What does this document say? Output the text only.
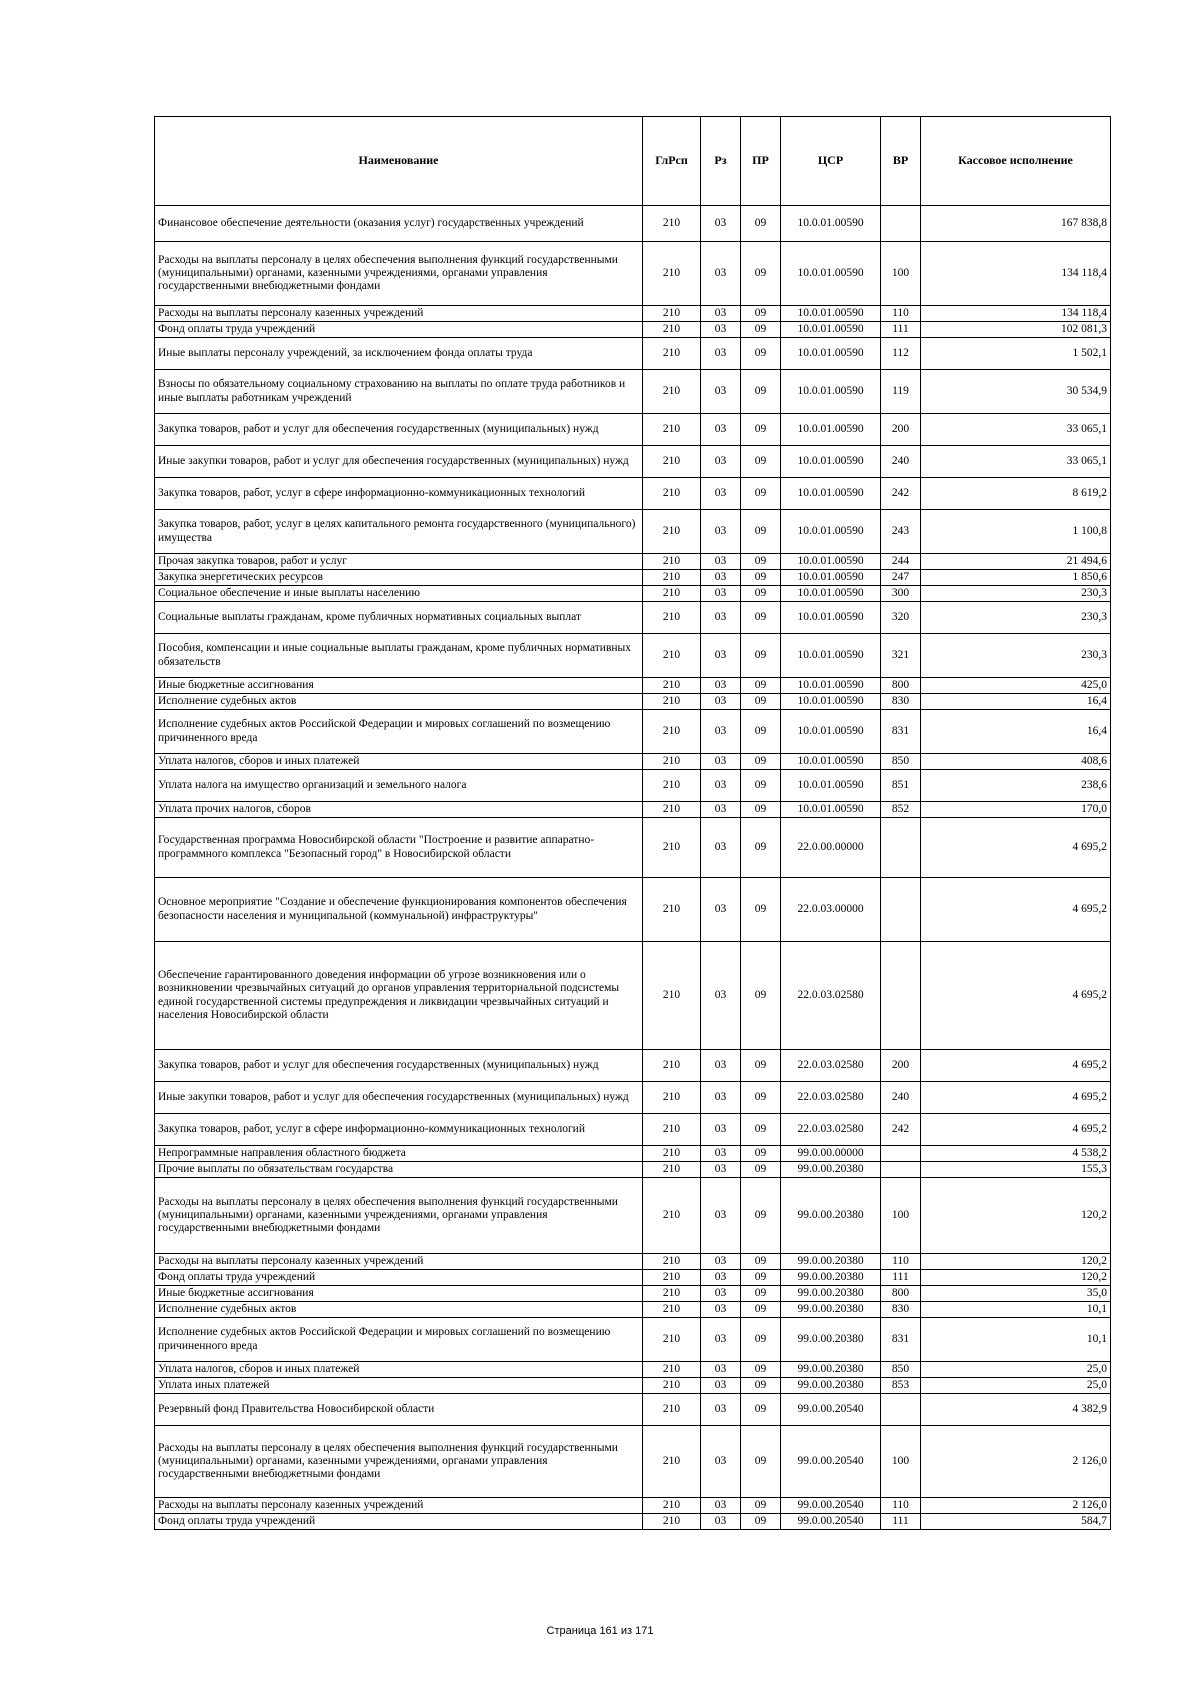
Наименование	ГлРсп	Рз	ПР	ЦСР	ВР	Кассовое исполнение
Финансовое обеспечение деятельности (оказания услуг) государственных учреждений	210	03	09	10.0.01.00590		167 838,8
Расходы на выплаты персоналу в целях обеспечения выполнения функций государственными (муниципальными) органами, казенными учреждениями, органами управления государственными внебюджетными фондами	210	03	09	10.0.01.00590	100	134 118,4
Расходы на выплаты персоналу казенных учреждений	210	03	09	10.0.01.00590	110	134 118,4
Фонд оплаты труда учреждений	210	03	09	10.0.01.00590	111	102 081,3
Иные выплаты персоналу учреждений, за исключением фонда оплаты труда	210	03	09	10.0.01.00590	112	1 502,1
Взносы по обязательному социальному страхованию на выплаты по оплате труда работников и иные выплаты работникам учреждений	210	03	09	10.0.01.00590	119	30 534,9
Закупка товаров, работ и услуг для обеспечения государственных (муниципальных) нужд	210	03	09	10.0.01.00590	200	33 065,1
Иные закупки товаров, работ и услуг для обеспечения государственных (муниципальных) нужд	210	03	09	10.0.01.00590	240	33 065,1
Закупка товаров, работ, услуг в сфере информационно-коммуникационных технологий	210	03	09	10.0.01.00590	242	8 619,2
Закупка товаров, работ, услуг в целях капитального ремонта государственного (муниципального) имущества	210	03	09	10.0.01.00590	243	1 100,8
Прочая закупка товаров, работ и услуг	210	03	09	10.0.01.00590	244	21 494,6
Закупка энергетических ресурсов	210	03	09	10.0.01.00590	247	1 850,6
Социальное обеспечение и иные выплаты населению	210	03	09	10.0.01.00590	300	230,3
Социальные выплаты гражданам, кроме публичных нормативных социальных выплат	210	03	09	10.0.01.00590	320	230,3
Пособия, компенсации и иные социальные выплаты гражданам, кроме публичных нормативных обязательств	210	03	09	10.0.01.00590	321	230,3
Иные бюджетные ассигнования	210	03	09	10.0.01.00590	800	425,0
Исполнение судебных актов	210	03	09	10.0.01.00590	830	16,4
Исполнение судебных актов Российской Федерации и мировых соглашений по возмещению причиненного вреда	210	03	09	10.0.01.00590	831	16,4
Уплата налогов, сборов и иных платежей	210	03	09	10.0.01.00590	850	408,6
Уплата налога на имущество организаций и земельного налога	210	03	09	10.0.01.00590	851	238,6
Уплата прочих налогов, сборов	210	03	09	10.0.01.00590	852	170,0
Государственная программа Новосибирской области "Построение и развитие аппаратно-программного комплекса "Безопасный город" в Новосибирской области	210	03	09	22.0.00.00000		4 695,2
Основное мероприятие "Создание и обеспечение функционирования компонентов обеспечения безопасности населения и муниципальной (коммунальной) инфраструктуры"	210	03	09	22.0.03.00000		4 695,2
Обеспечение гарантированного доведения информации об угрозе возникновения или о возникновении чрезвычайных ситуаций до органов управления территориальной подсистемы единой государственной системы предупреждения и ликвидации чрезвычайных ситуаций и населения Новосибирской области	210	03	09	22.0.03.02580		4 695,2
Закупка товаров, работ и услуг для обеспечения государственных (муниципальных) нужд	210	03	09	22.0.03.02580	200	4 695,2
Иные закупки товаров, работ и услуг для обеспечения государственных (муниципальных) нужд	210	03	09	22.0.03.02580	240	4 695,2
Закупка товаров, работ, услуг в сфере информационно-коммуникационных технологий	210	03	09	22.0.03.02580	242	4 695,2
Непрограммные направления областного бюджета	210	03	09	99.0.00.00000		4 538,2
Прочие выплаты по обязательствам государства	210	03	09	99.0.00.20380		155,3
Расходы на выплаты персоналу в целях обеспечения выполнения функций государственными (муниципальными) органами, казенными учреждениями, органами управления государственными внебюджетными фондами	210	03	09	99.0.00.20380	100	120,2
Расходы на выплаты персоналу казенных учреждений	210	03	09	99.0.00.20380	110	120,2
Фонд оплаты труда учреждений	210	03	09	99.0.00.20380	111	120,2
Иные бюджетные ассигнования	210	03	09	99.0.00.20380	800	35,0
Исполнение судебных актов	210	03	09	99.0.00.20380	830	10,1
Исполнение судебных актов Российской Федерации и мировых соглашений по возмещению причиненного вреда	210	03	09	99.0.00.20380	831	10,1
Уплата налогов, сборов и иных платежей	210	03	09	99.0.00.20380	850	25,0
Уплата иных платежей	210	03	09	99.0.00.20380	853	25,0
Резервный фонд Правительства Новосибирской области	210	03	09	99.0.00.20540		4 382,9
Расходы на выплаты персоналу в целях обеспечения выполнения функций государственными (муниципальными) органами, казенными учреждениями, органами управления государственными внебюджетными фондами	210	03	09	99.0.00.20540	100	2 126,0
Расходы на выплаты персоналу казенных учреждений	210	03	09	99.0.00.20540	110	2 126,0
Фонд оплаты труда учреждений	210	03	09	99.0.00.20540	111	584,7
Страница 161 из 171
